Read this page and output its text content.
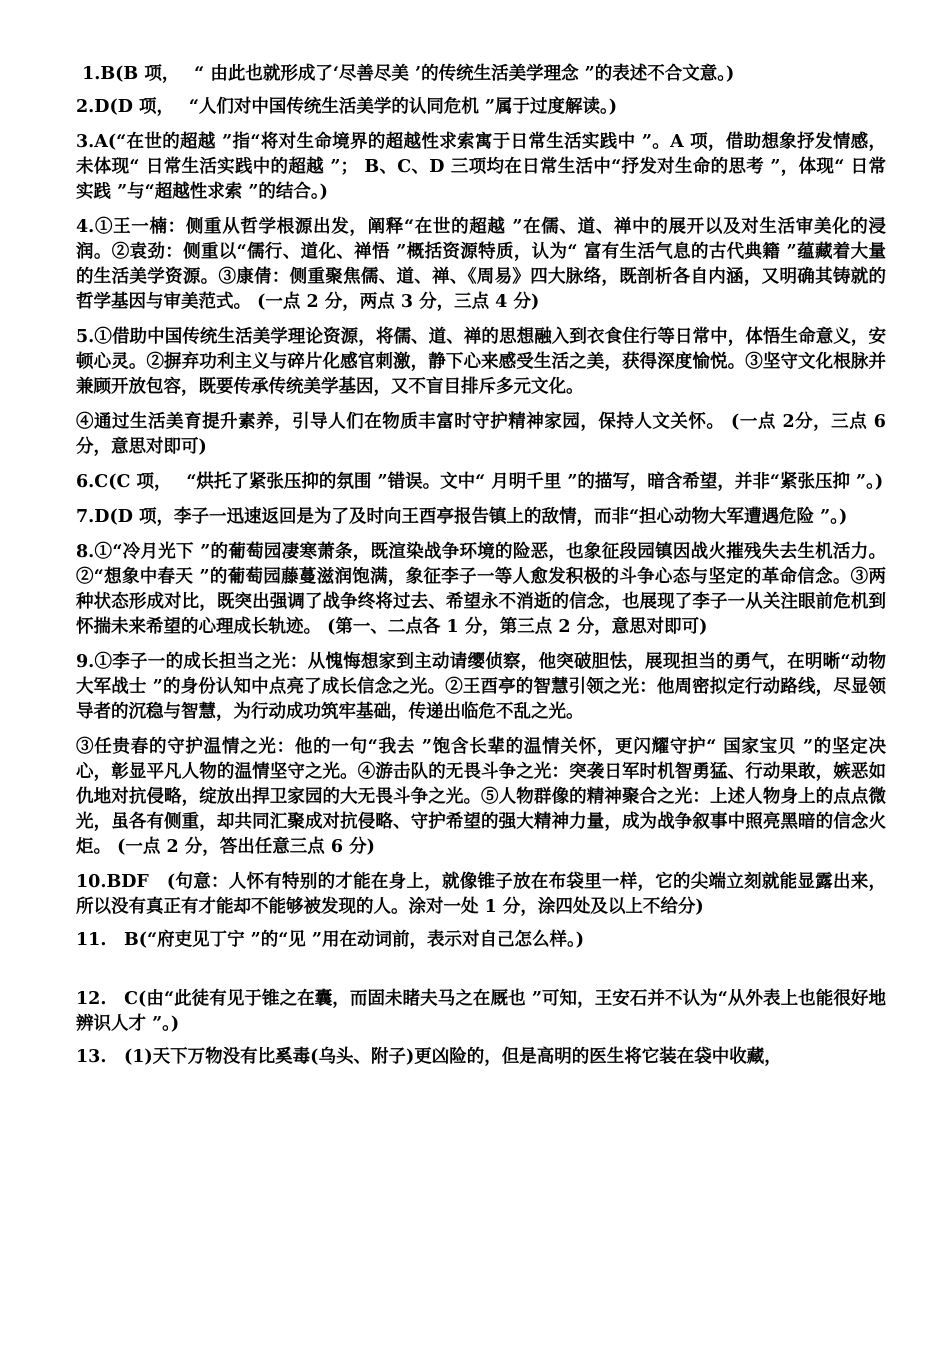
1.B(B 项，　 “ 由此也就形成了‘尽善尽美 ’的传统生活美学理念 ”的表述不合文意。)

2.D(D 项，　 “人们对中国传统生活美学的认同危机 ”属于过度解读。)

3.A(“在世的超越 ”指“将对生命境界的超越性求索寓于日常生活实践中 ”。A 项，借助想象抒发情感，未体现“ 日常生活实践中的超越 ”； B、C、D 三项均在日常生活中“抒发对生命的思考 ”，体现“ 日常实践 ”与“超越性求索 ”的结合。)

4.①王一楠：侧重从哲学根源出发，阐释“在世的超越 ”在儒、道、禅中的展开以及对生活审美化的浸润。②袁劲：侧重以“儒行、道化、禅悟 ”概括资源特质，认为“ 富有生活气息的古代典籍 ”蕴藏着大量的生活美学资源。③康倩：侧重聚焦儒、道、禅、《周易》四大脉络，既剖析各自内涵，又明确其铸就的哲学基因与审美范式。 (一点 2 分，两点 3 分，三点 4 分)

5.①借助中国传统生活美学理论资源，将儒、道、禅的思想融入到衣食住行等日常中，体悟生命意义，安顿心灵。②摒弃功利主义与碎片化感官刺激，静下心来感受生活之美，获得深度愉悦。③坚守文化根脉并兼顾开放包容，既要传承传统美学基因，又不盲目排斥多元文化。

④通过生活美育提升素养，引导人们在物质丰富时守护精神家园，保持人文关怀。 (一点 2分，三点 6 分，意思对即可)

6.C(C 项，　 “烘托了紧张压抑的氛围 ”错误。文中“ 月明千里 ”的描写，暗含希望，并非“紧张压抑 ”。)

7.D(D 项，李子一迅速返回是为了及时向王酉亭报告镇上的敌情，而非“担心动物大军遭遇危险 ”。)

8.①“冷月光下 ”的葡萄园凄寒萧条，既渲染战争环境的险恶，也象征段园镇因战火摧残失去生机活力。②“想象中春天 ”的葡萄园藤蔓滋润饱满，象征李子一等人愈发积极的斗争心态与坚定的革命信念。③两种状态形成对比，既突出强调了战争终将过去、希望永不消逝的信念，也展现了李子一从关注眼前危机到怀揣未来希望的心理成长轨迹。 (第一、二点各 1 分，第三点 2 分，意思对即可)

9.①李子一的成长担当之光：从愧悔想家到主动请缨侦察，他突破胆怯，展现担当的勇气，在明晰“动物大军战士 ”的身份认知中点亮了成长信念之光。②王酉亭的智慧引领之光：他周密拟定行动路线，尽显领导者的沉稳与智慧，为行动成功筑牢基础，传递出临危不乱之光。

③任贵春的守护温情之光：他的一句“我去 ”饱含长辈的温情关怀，更闪耀守护“ 国家宝贝 ”的坚定决心，彰显平凡人物的温情坚守之光。④游击队的无畏斗争之光：突袭日军时机智勇猛、行动果敢，嫉恶如仇地对抗侵略，绽放出捍卫家园的大无畏斗争之光。⑤人物群像的精神聚合之光：上述人物身上的点点微光，虽各有侧重，却共同汇聚成对抗侵略、守护希望的强大精神力量，成为战争叙事中照亮黑暗的信念火炬。 (一点 2 分，答出任意三点 6 分)

10.BDF　(句意：人怀有特别的才能在身上，就像锥子放在布袋里一样，它的尖端立刻就能显露出来，所以没有真正有才能却不能够被发现的人。涂对一处 1 分，涂四处及以上不给分)

11.　B(“府吏见丁宁 ”的“见 ”用在动词前，表示对自己怎么样。)

12.　C(由“此徒有见于锥之在囊，而固未睹夫马之在厩也 ”可知，王安石并不认为“从外表上也能很好地辨识人才 ”。)

13.　(1)天下万物没有比奚毒(乌头、附子)更凶险的，但是高明的医生将它装在袋中收藏，
